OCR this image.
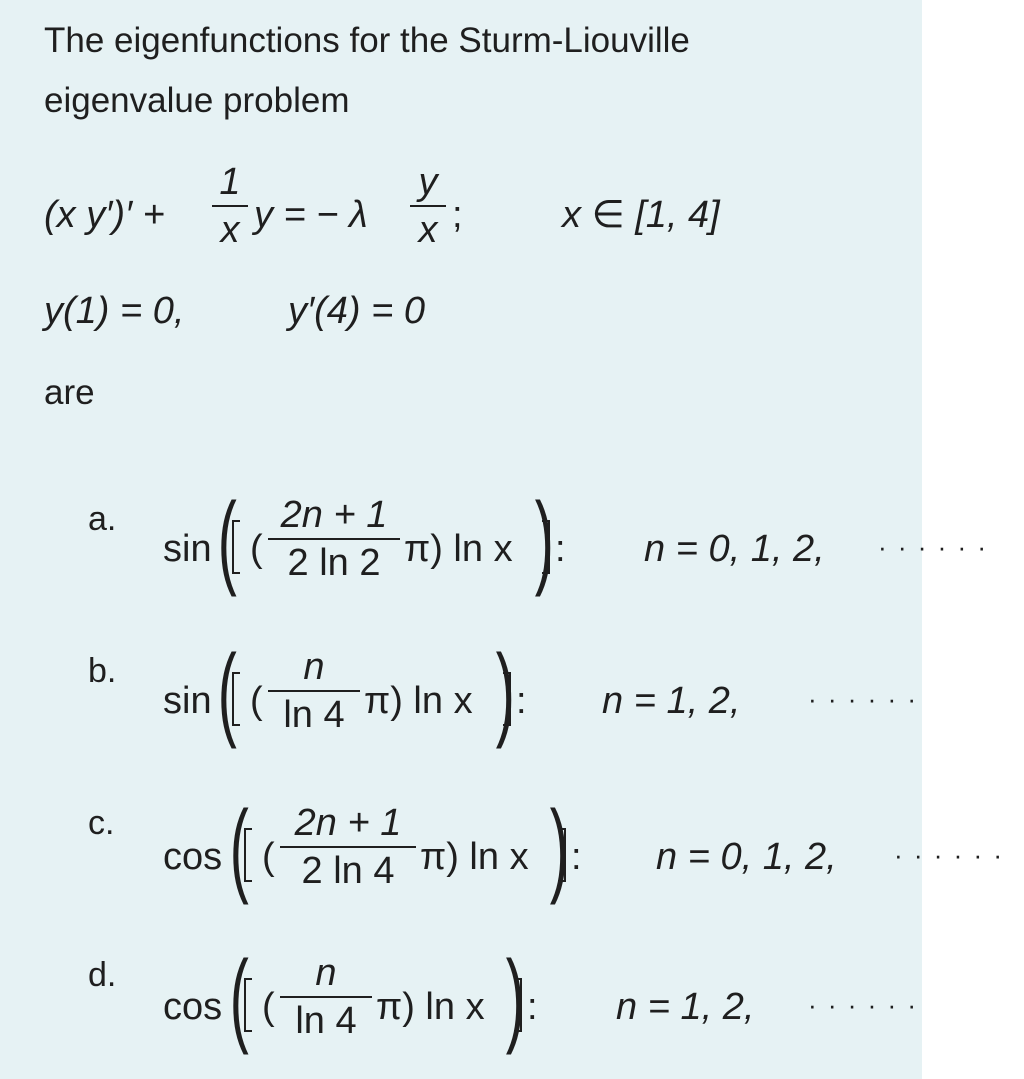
The eigenfunctions for the Sturm-Liouville
eigenvalue problem
(x y′)′ +
1
x y = − λ
y
x ;	x ∈ [1, 4]
y(1) = 0,	y′(4) = 0
are
a.
sin ( (
2n + 1
2 ln 2 π) ln x ) : n = 0, 1, 2, · · · · · ·
b.
sin ( (
n
ln 4 π) ln x ) : n = 1, 2,	· · · · · ·
c.
cos ( (
2n + 1
2 ln 4 π) ln x ) : n = 0, 1, 2, · · · · · ·
d.
cos ( (
n
ln 4 π) ln x ) : n = 1, 2, · · · · · ·
